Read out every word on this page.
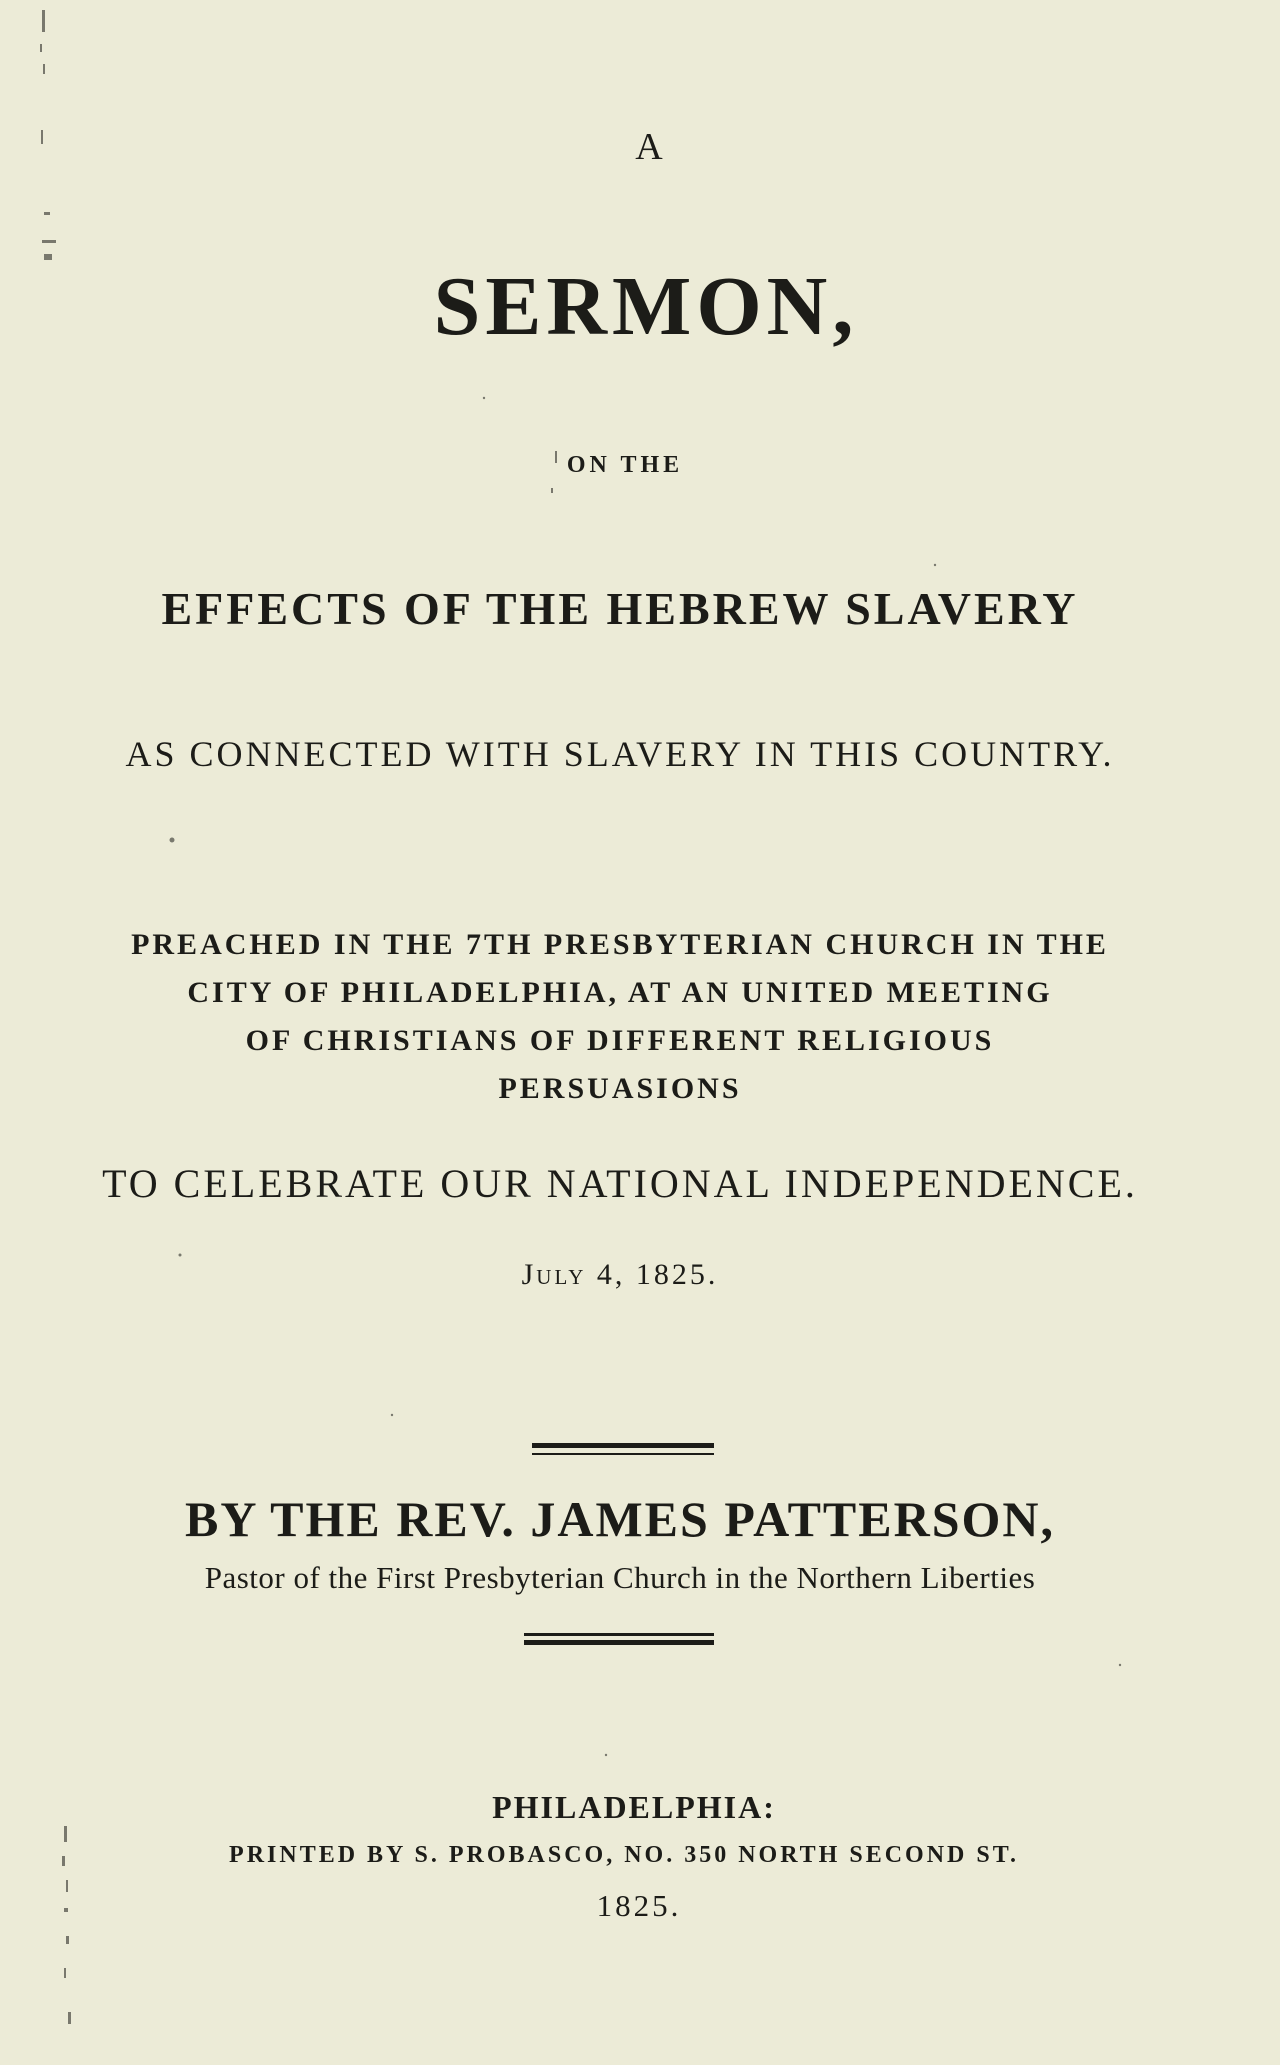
A
SERMON,
ON THE
EFFECTS OF THE HEBREW SLAVERY
AS CONNECTED WITH SLAVERY IN THIS COUNTRY.
PREACHED IN THE 7TH PRESBYTERIAN CHURCH IN THE
CITY OF PHILADELPHIA, AT AN UNITED MEETING
OF CHRISTIANS OF DIFFERENT RELIGIOUS
PERSUASIONS
TO CELEBRATE OUR NATIONAL INDEPENDENCE.
July 4, 1825.
BY THE REV. JAMES PATTERSON,
Pastor of the First Presbyterian Church in the Northern Liberties
PHILADELPHIA:
PRINTED BY S. PROBASCO, NO. 350 NORTH SECOND ST.
1825.
